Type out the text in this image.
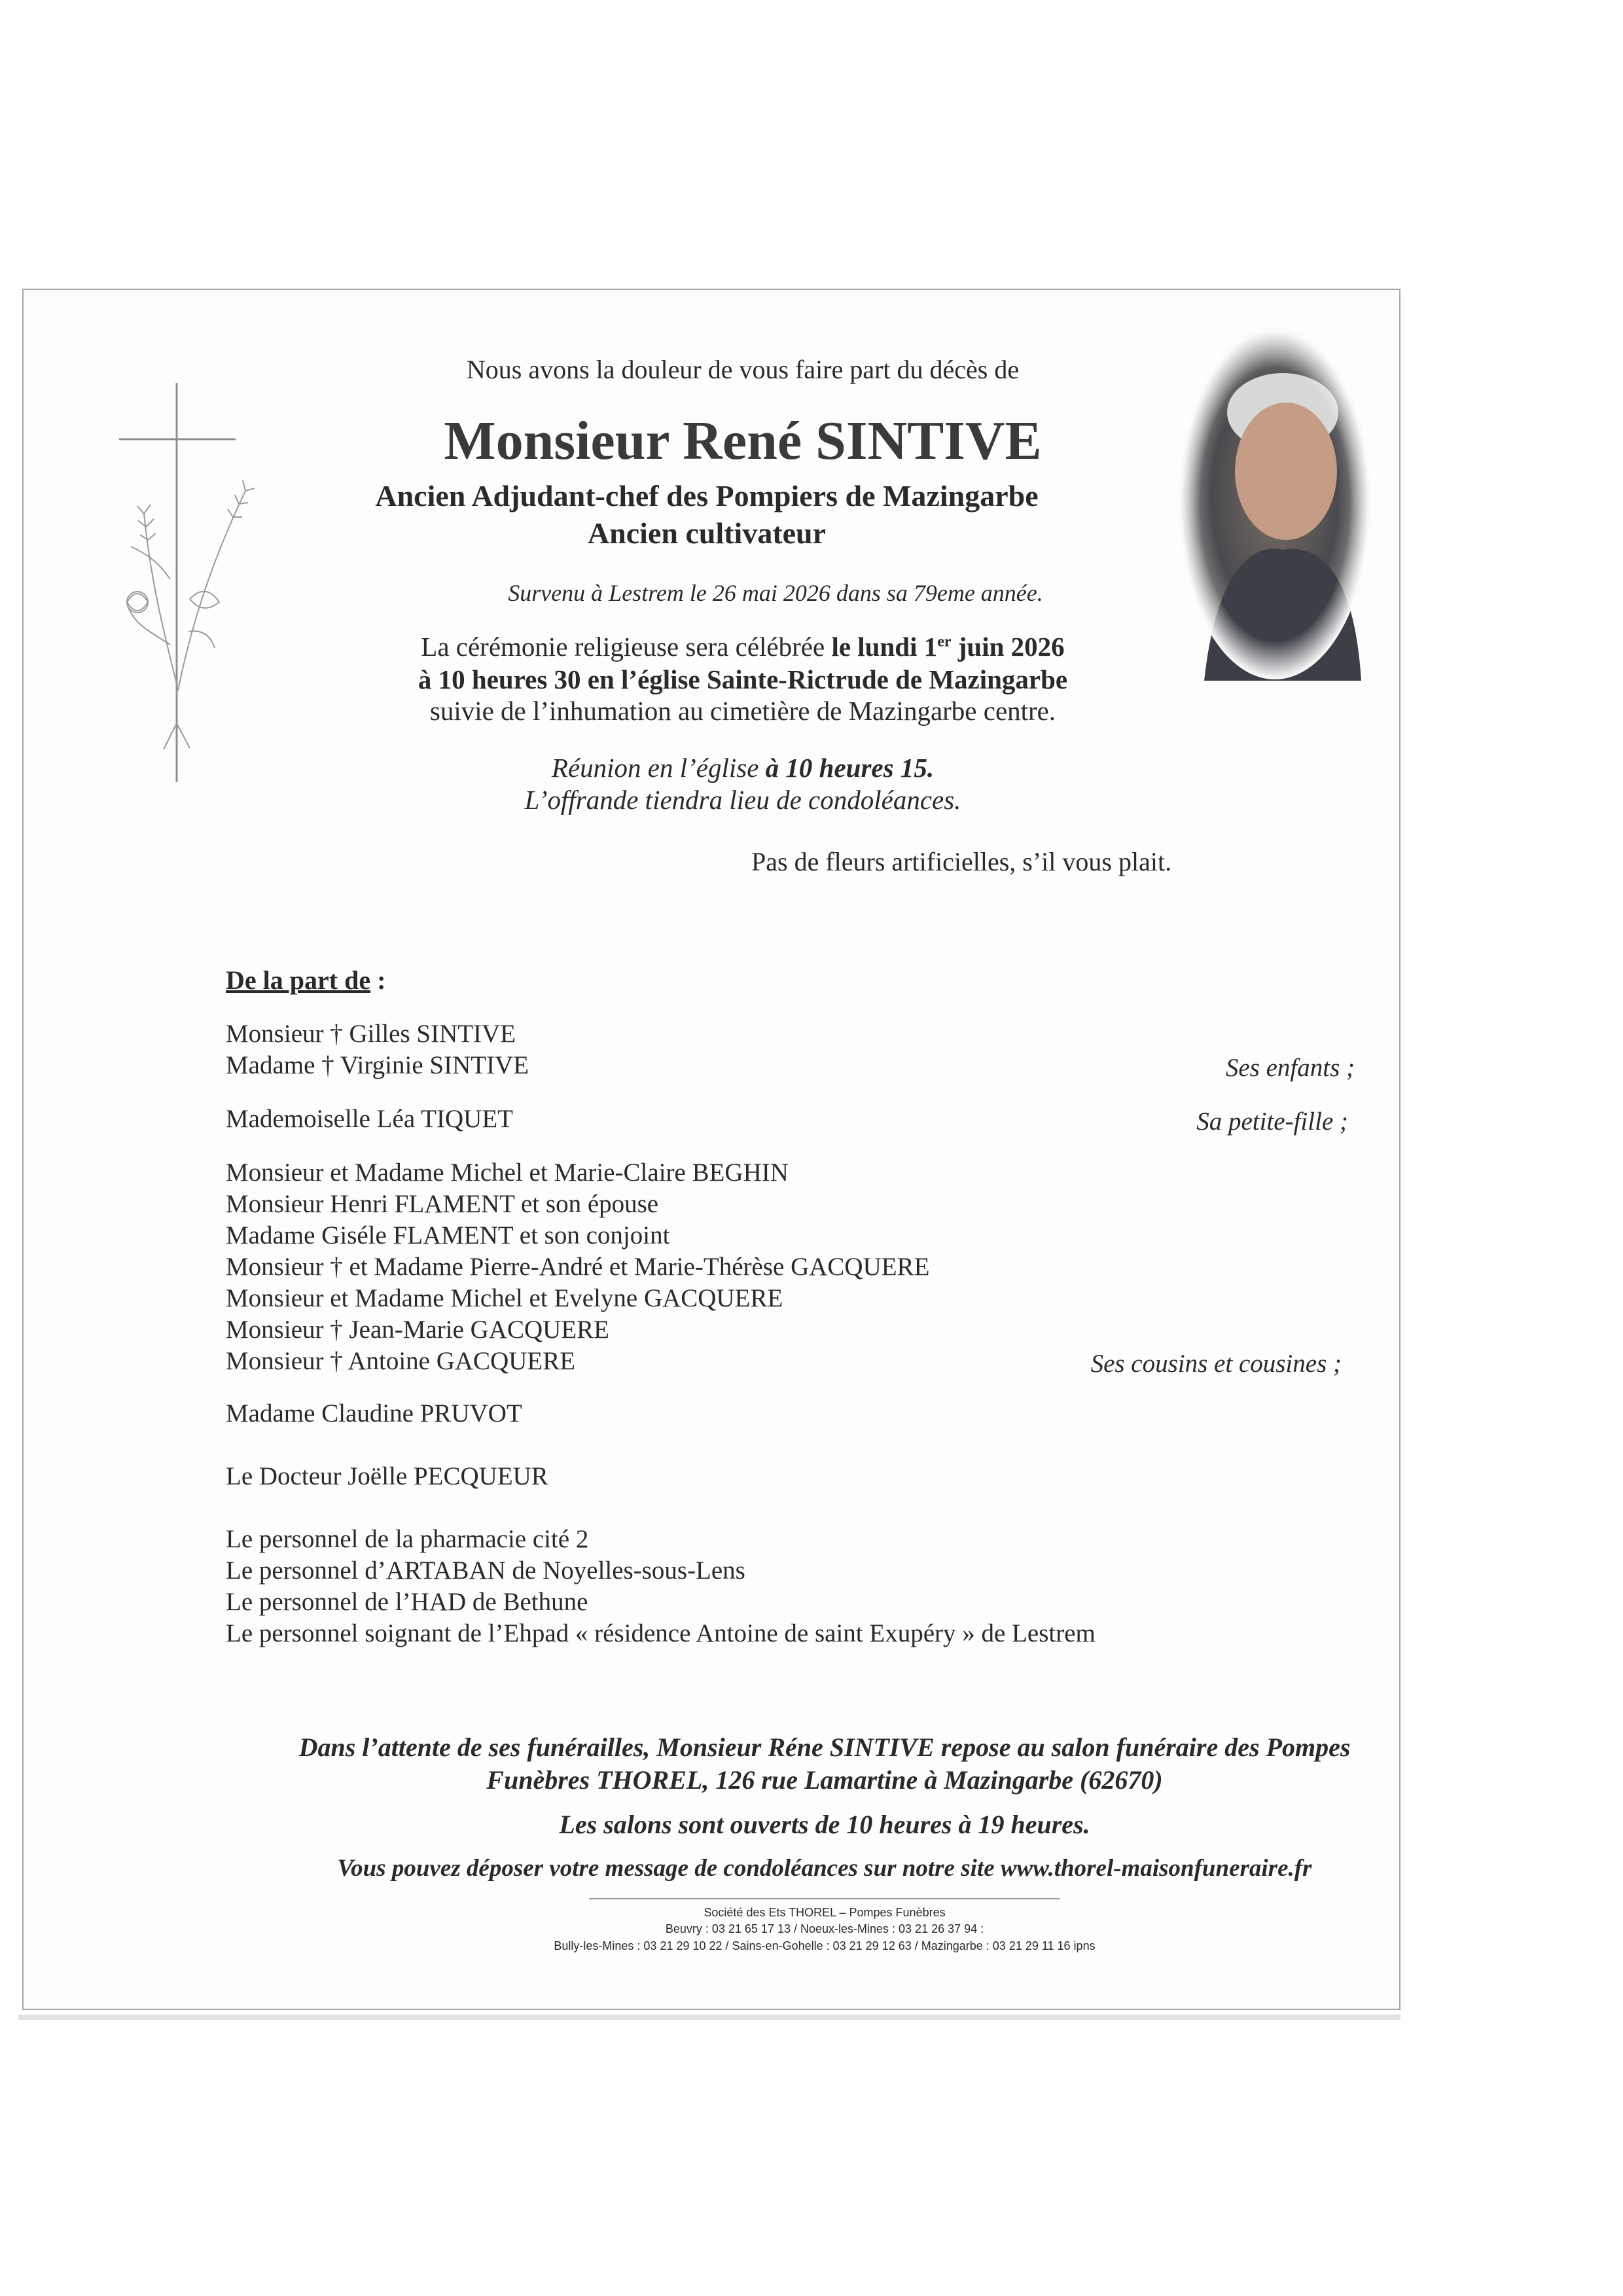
Nous avons la douleur de vous faire part du décès de
Monsieur René SINTIVE
Ancien Adjudant-chef des Pompiers de Mazingarbe
Ancien cultivateur
Survenu à Lestrem le 26 mai 2026 dans sa 79eme année.
La cérémonie religieuse sera célébrée le lundi 1er juin 2026
à 10 heures 30 en l’église Sainte-Rictrude de Mazingarbe
suivie de l’inhumation au cimetière de Mazingarbe centre.
Réunion en l’église à 10 heures 15.
L’offrande tiendra lieu de condoléances.
Pas de fleurs artificielles, s’il vous plait.
De la part de :
Monsieur † Gilles SINTIVE
Madame † Virginie SINTIVE	Ses enfants ;
Mademoiselle Léa TIQUET	Sa petite-fille ;
Monsieur et Madame Michel et Marie-Claire BEGHIN
Monsieur Henri FLAMENT et son épouse
Madame Giséle FLAMENT et son conjoint
Monsieur † et Madame Pierre-André et Marie-Thérèse GACQUERE
Monsieur et Madame Michel et Evelyne GACQUERE
Monsieur † Jean-Marie GACQUERE
Monsieur † Antoine GACQUERE	Ses cousins et cousines ;
Madame Claudine PRUVOT
Le Docteur Joëlle PECQUEUR
Le personnel de la pharmacie cité 2
Le personnel d’ARTABAN de Noyelles-sous-Lens
Le personnel de l’HAD de Bethune
Le personnel soignant de l’Ehpad « résidence Antoine de saint Exupéry » de Lestrem
Dans l’attente de ses funérailles, Monsieur Réne SINTIVE repose au salon funéraire des Pompes
Funèbres THOREL, 126 rue Lamartine à Mazingarbe (62670)
Les salons sont ouverts de 10 heures à 19 heures.
Vous pouvez déposer votre message de condoléances sur notre site www.thorel-maisonfuneraire.fr
Société des Ets THOREL – Pompes Funèbres
Beuvry : 03 21 65 17 13 / Noeux-les-Mines : 03 21 26 37 94 :
Bully-les-Mines : 03 21 29 10 22 / Sains-en-Gohelle : 03 21 29 12 63 / Mazingarbe : 03 21 29 11 16 ipns
